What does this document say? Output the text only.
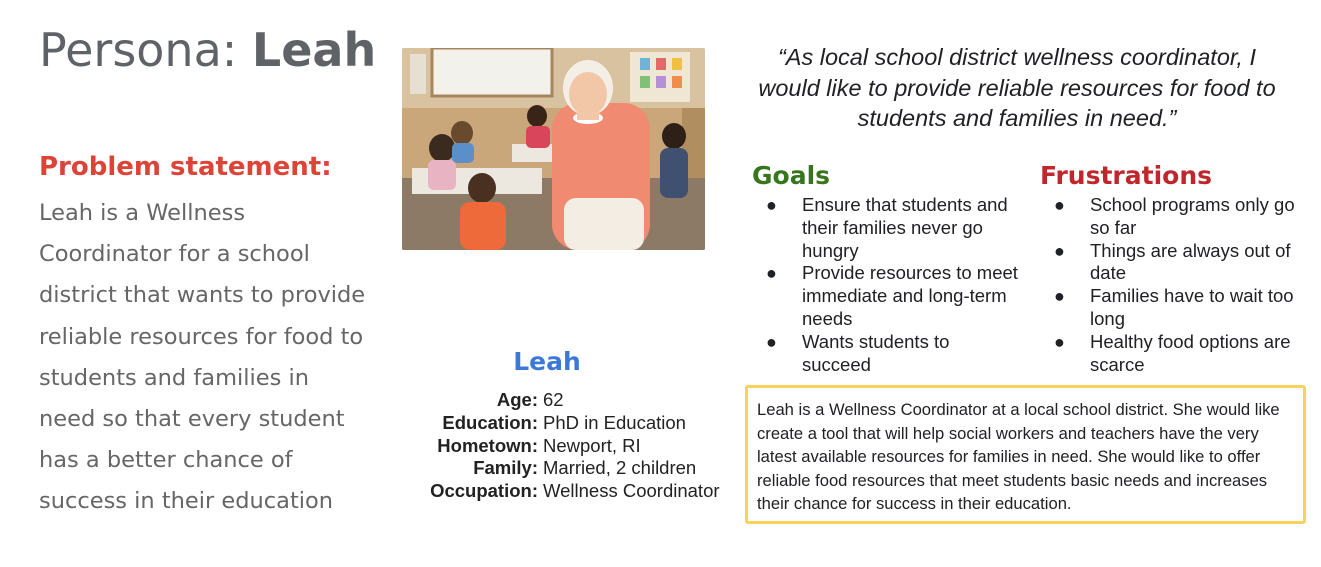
Persona: Leah
Problem statement:

Leah is a Wellness Coordinator for a school district that wants to provide reliable resources for food to students and families in need so that every student has a better chance of success in their education

Leah
Age: 62
Education: PhD in Education
Hometown: Newport, RI
Family: Married, 2 children
Occupation: Wellness Coordinator

“As local school district wellness coordinator, I would like to provide reliable resources for food to students and families in need.”

Goals
● Ensure that students and their families never go hungry
● Provide resources to meet immediate and long-term needs
● Wants students to succeed
Frustrations
● School programs only go so far
● Things are always out of date
● Families have to wait too long
● Healthy food options are scarce
Leah is a Wellness Coordinator at a local school district. She would like create a tool that will help social workers and teachers have the very latest available resources for families in need. She would like to offer reliable food resources that meet students basic needs and increases their chance for success in their education.
